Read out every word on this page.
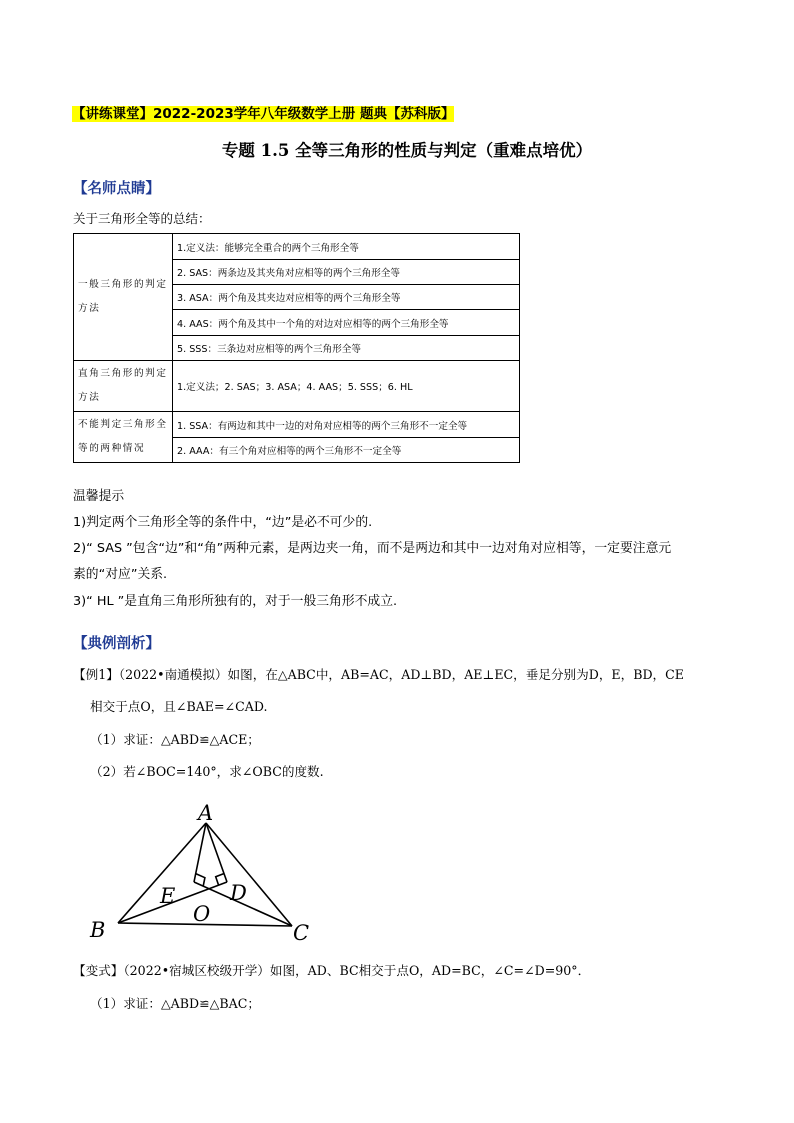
【讲练课堂】2022-2023学年八年级数学上册 题典【苏科版】
专题 1.5 全等三角形的性质与判定（重难点培优）
【名师点睛】
关于三角形全等的总结：
一般三角形的判定方法	1.定义法：能够完全重合的两个三角形全等
	2. SAS：两条边及其夹角对应相等的两个三角形全等
	3. ASA：两个角及其夹边对应相等的两个三角形全等
	4. AAS：两个角及其中一个角的对边对应相等的两个三角形全等
	5. SSS：三条边对应相等的两个三角形全等
直角三角形的判定方法	1.定义法；2. SAS；3. ASA；4. AAS；5. SSS；6. HL
不能判定三角形全等的两种情况	1. SSA：有两边和其中一边的对角对应相等的两个三角形不一定全等
	2. AAA：有三个角对应相等的两个三角形不一定全等
温馨提示
1)判定两个三角形全等的条件中，“边”是必不可少的.
2)“ SAS ”包含“边”和“角”两种元素，是两边夹一角，而不是两边和其中一边对角对应相等，一定要注意元
素的“对应”关系.
3)“ HL ”是直角三角形所独有的，对于一般三角形不成立.
【典例剖析】
【例1】（2022•南通模拟）如图，在△ABC中，AB=AC，AD⊥BD，AE⊥EC，垂足分别为D，E，BD，CE
相交于点O，且∠BAE=∠CAD.
（1）求证：△ABD≌△ACE；
（2）若∠BOC=140°，求∠OBC的度数.
A
B	C
D
E
O
【变式】（2022•宿城区校级开学）如图，AD、BC相交于点O，AD=BC，∠C=∠D=90°．
（1）求证：△ABD≌△BAC；
